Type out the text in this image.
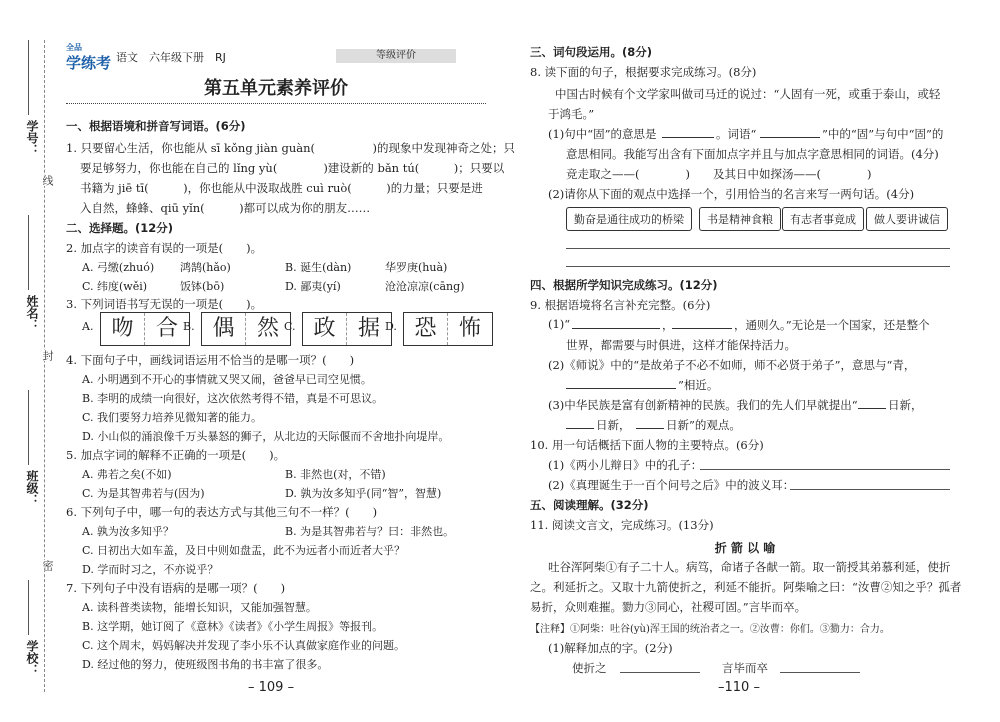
学号：
线
姓名：
封
班级：
密
学校：
全品
学练考 语文　六年级下册　RJ	等级评价
第五单元素养评价
一、根据语境和拼音写词语。(6分)
1. 只要留心生活，你也能从 sī kǒng jiàn guàn(　　　　　)的现象中发现神奇之处；只
要足够努力，你也能在自己的 lǐng yù(　　　　)建设新的 bǎn tú(　　　)；只要以
书籍为 jiē tī(　　　)，你也能从中汲取战胜 cuì ruò(　　　)的力量；只要是进
入自然，蜂蜂、qiū yǐn(　　　)都可以成为你的朋友……
二、选择题。(12分)
2. 加点字的读音有误的一项是(　　)。
A. 弓缴(zhuó) 鸿鹄(hǎo)	B. 诞生(dàn)	华罗庚(huà)
C. 纬度(wěi)	饭钵(bō)	D. 鄙夷(yí)	沧沧凉凉(cāng)
3. 下列词语书写无误的一项是(　　)。
A. 吻	合 B. 偶	然 C. 政	据 D. 恐	怖
4. 下面句子中，画线词语运用不恰当的是哪一项？(　　)
A. 小明遇到不开心的事情就又哭又闹，爸爸早已司空见惯。
B. 李明的成绩一向很好，这次依然考得不错，真是不可思议。
C. 我们要努力培养见微知著的能力。
D. 小山似的涌浪像千万头暴怒的狮子，从北边的天际偃而不舍地扑向堤岸。
5. 加点字词的解释不正确的一项是(　　)。
A. 弗若之矣(不如)	B. 非然也(对，不错)
C. 为是其智弗若与(因为)	D. 孰为汝多知乎(同“智”，智慧)
6. 下列句子中，哪一句的表达方式与其他三句不一样？(　　)
A. 孰为汝多知乎？	B. 为是其智弗若与？曰：非然也。
C. 日初出大如车盖，及日中则如盘盂，此不为远者小而近者大乎？
D. 学而时习之，不亦说乎？
7. 下列句子中没有语病的是哪一项？(　　)
A. 读科普类读物，能增长知识，又能加强智慧。
B. 这学期，她订阅了《意林》《读者》《小学生周报》等报刊。
C. 这个周末，妈妈解决并发现了李小乐不认真做家庭作业的问题。
D. 经过他的努力，使班级图书角的书丰富了很多。
– 109 –
三、词句段运用。(8分)
8. 读下面的句子，根据要求完成练习。(8分)
中国古时候有个文学家叫做司马迁的说过：“人固有一死，或重于泰山，或轻
于鸿毛。”
(1)句中“固”的意思是	。词语“	”中的“固”与句中“固”的
意思相同。我能写出含有下面加点字并且与加点字意思相同的词语。(4分)
竞走取之——(　　　　)　　及其日中如探汤——(　　　　)
(2)请你从下面的观点中选择一个，引用恰当的名言来写一两句话。(4分)
勤奋是通往成功的桥梁	书是精神食粮	有志者事竟成	做人要讲诚信
四、根据所学知识完成练习。(12分)
9. 根据语境将名言补充完整。(6分)
(1)“	，	，通则久。”无论是一个国家，还是整个
世界，都需要与时俱进，这样才能保持活力。
(2)《师说》中的“是故弟子不必不如师，师不必贤于弟子”，意思与“青，
”相近。
(3)中华民族是富有创新精神的民族。我们的先人们早就提出“	日新，
日新，	日新”的观点。
10. 用一句话概括下面人物的主要特点。(6分)
(1)《两小儿辩日》中的孔子：
(2)《真理诞生于一百个问号之后》中的波义耳：
五、阅读理解。(32分)
11. 阅读文言文，完成练习。(13分)
折 箭 以 喻
吐谷浑阿柴①有子二十人。病笃，命诸子各献一箭。取一箭授其弟慕利延，使折
之。利延折之。又取十九箭使折之，利延不能折。阿柴喻之曰：“汝曹②知之乎？孤者
易折，众则难摧。勠力③同心，社稷可固。”言毕而卒。
【注释】①阿柴：吐谷(yù)浑王国的统治者之一。②汝曹：你们。③勠力：合力。
(1)解释加点的字。(2分)
使折之	言毕而卒
–110 –
